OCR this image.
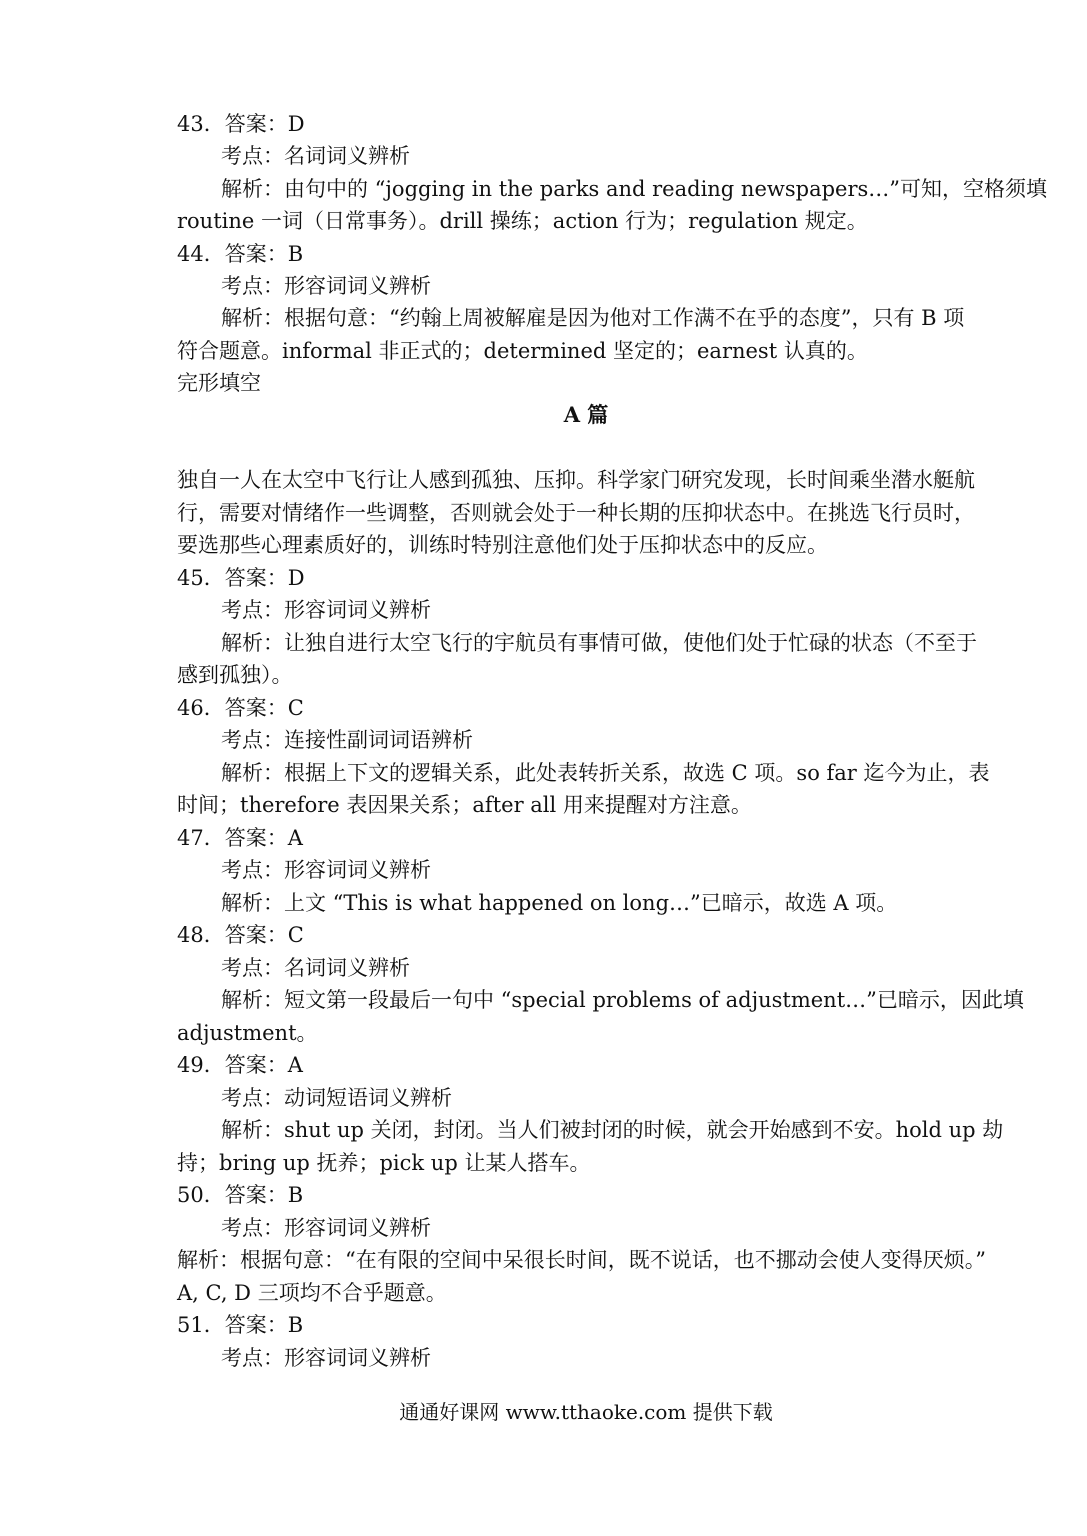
43．答案：D
考点：名词词义辨析
解析：由句中的 “jogging in the parks and reading newspapers…”可知，空格须填
routine 一词（日常事务）。drill 操练；action 行为；regulation 规定。
44．答案：B
考点：形容词词义辨析
解析：根据句意：“约翰上周被解雇是因为他对工作满不在乎的态度”，只有 B 项
符合题意。informal 非正式的；determined 坚定的；earnest 认真的。
完形填空
A 篇
独自一人在太空中飞行让人感到孤独、压抑。科学家门研究发现，长时间乘坐潜水艇航
行，需要对情绪作一些调整，否则就会处于一种长期的压抑状态中。在挑选飞行员时，
要选那些心理素质好的，训练时特别注意他们处于压抑状态中的反应。
45．答案：D
考点：形容词词义辨析
解析：让独自进行太空飞行的宇航员有事情可做，使他们处于忙碌的状态（不至于
感到孤独）。
46．答案：C
考点：连接性副词词语辨析
解析：根据上下文的逻辑关系，此处表转折关系，故选 C 项。so far 迄今为止，表
时间；therefore 表因果关系；after all 用来提醒对方注意。
47．答案：A
考点：形容词词义辨析
解析：上文 “This is what happened on long…”已暗示，故选 A 项。
48．答案：C
考点：名词词义辨析
解析：短文第一段最后一句中 “special problems of adjustment…”已暗示，因此填
adjustment。
49．答案：A
考点：动词短语词义辨析
解析：shut up 关闭，封闭。当人们被封闭的时候，就会开始感到不安。hold up 劫
持；bring up 抚养；pick up 让某人搭车。
50．答案：B
考点：形容词词义辨析
解析：根据句意：“在有限的空间中呆很长时间，既不说话，也不挪动会使人变得厌烦。”
A, C, D 三项均不合乎题意。
51．答案：B
考点：形容词词义辨析
通通好课网 www.tthaoke.com 提供下载
